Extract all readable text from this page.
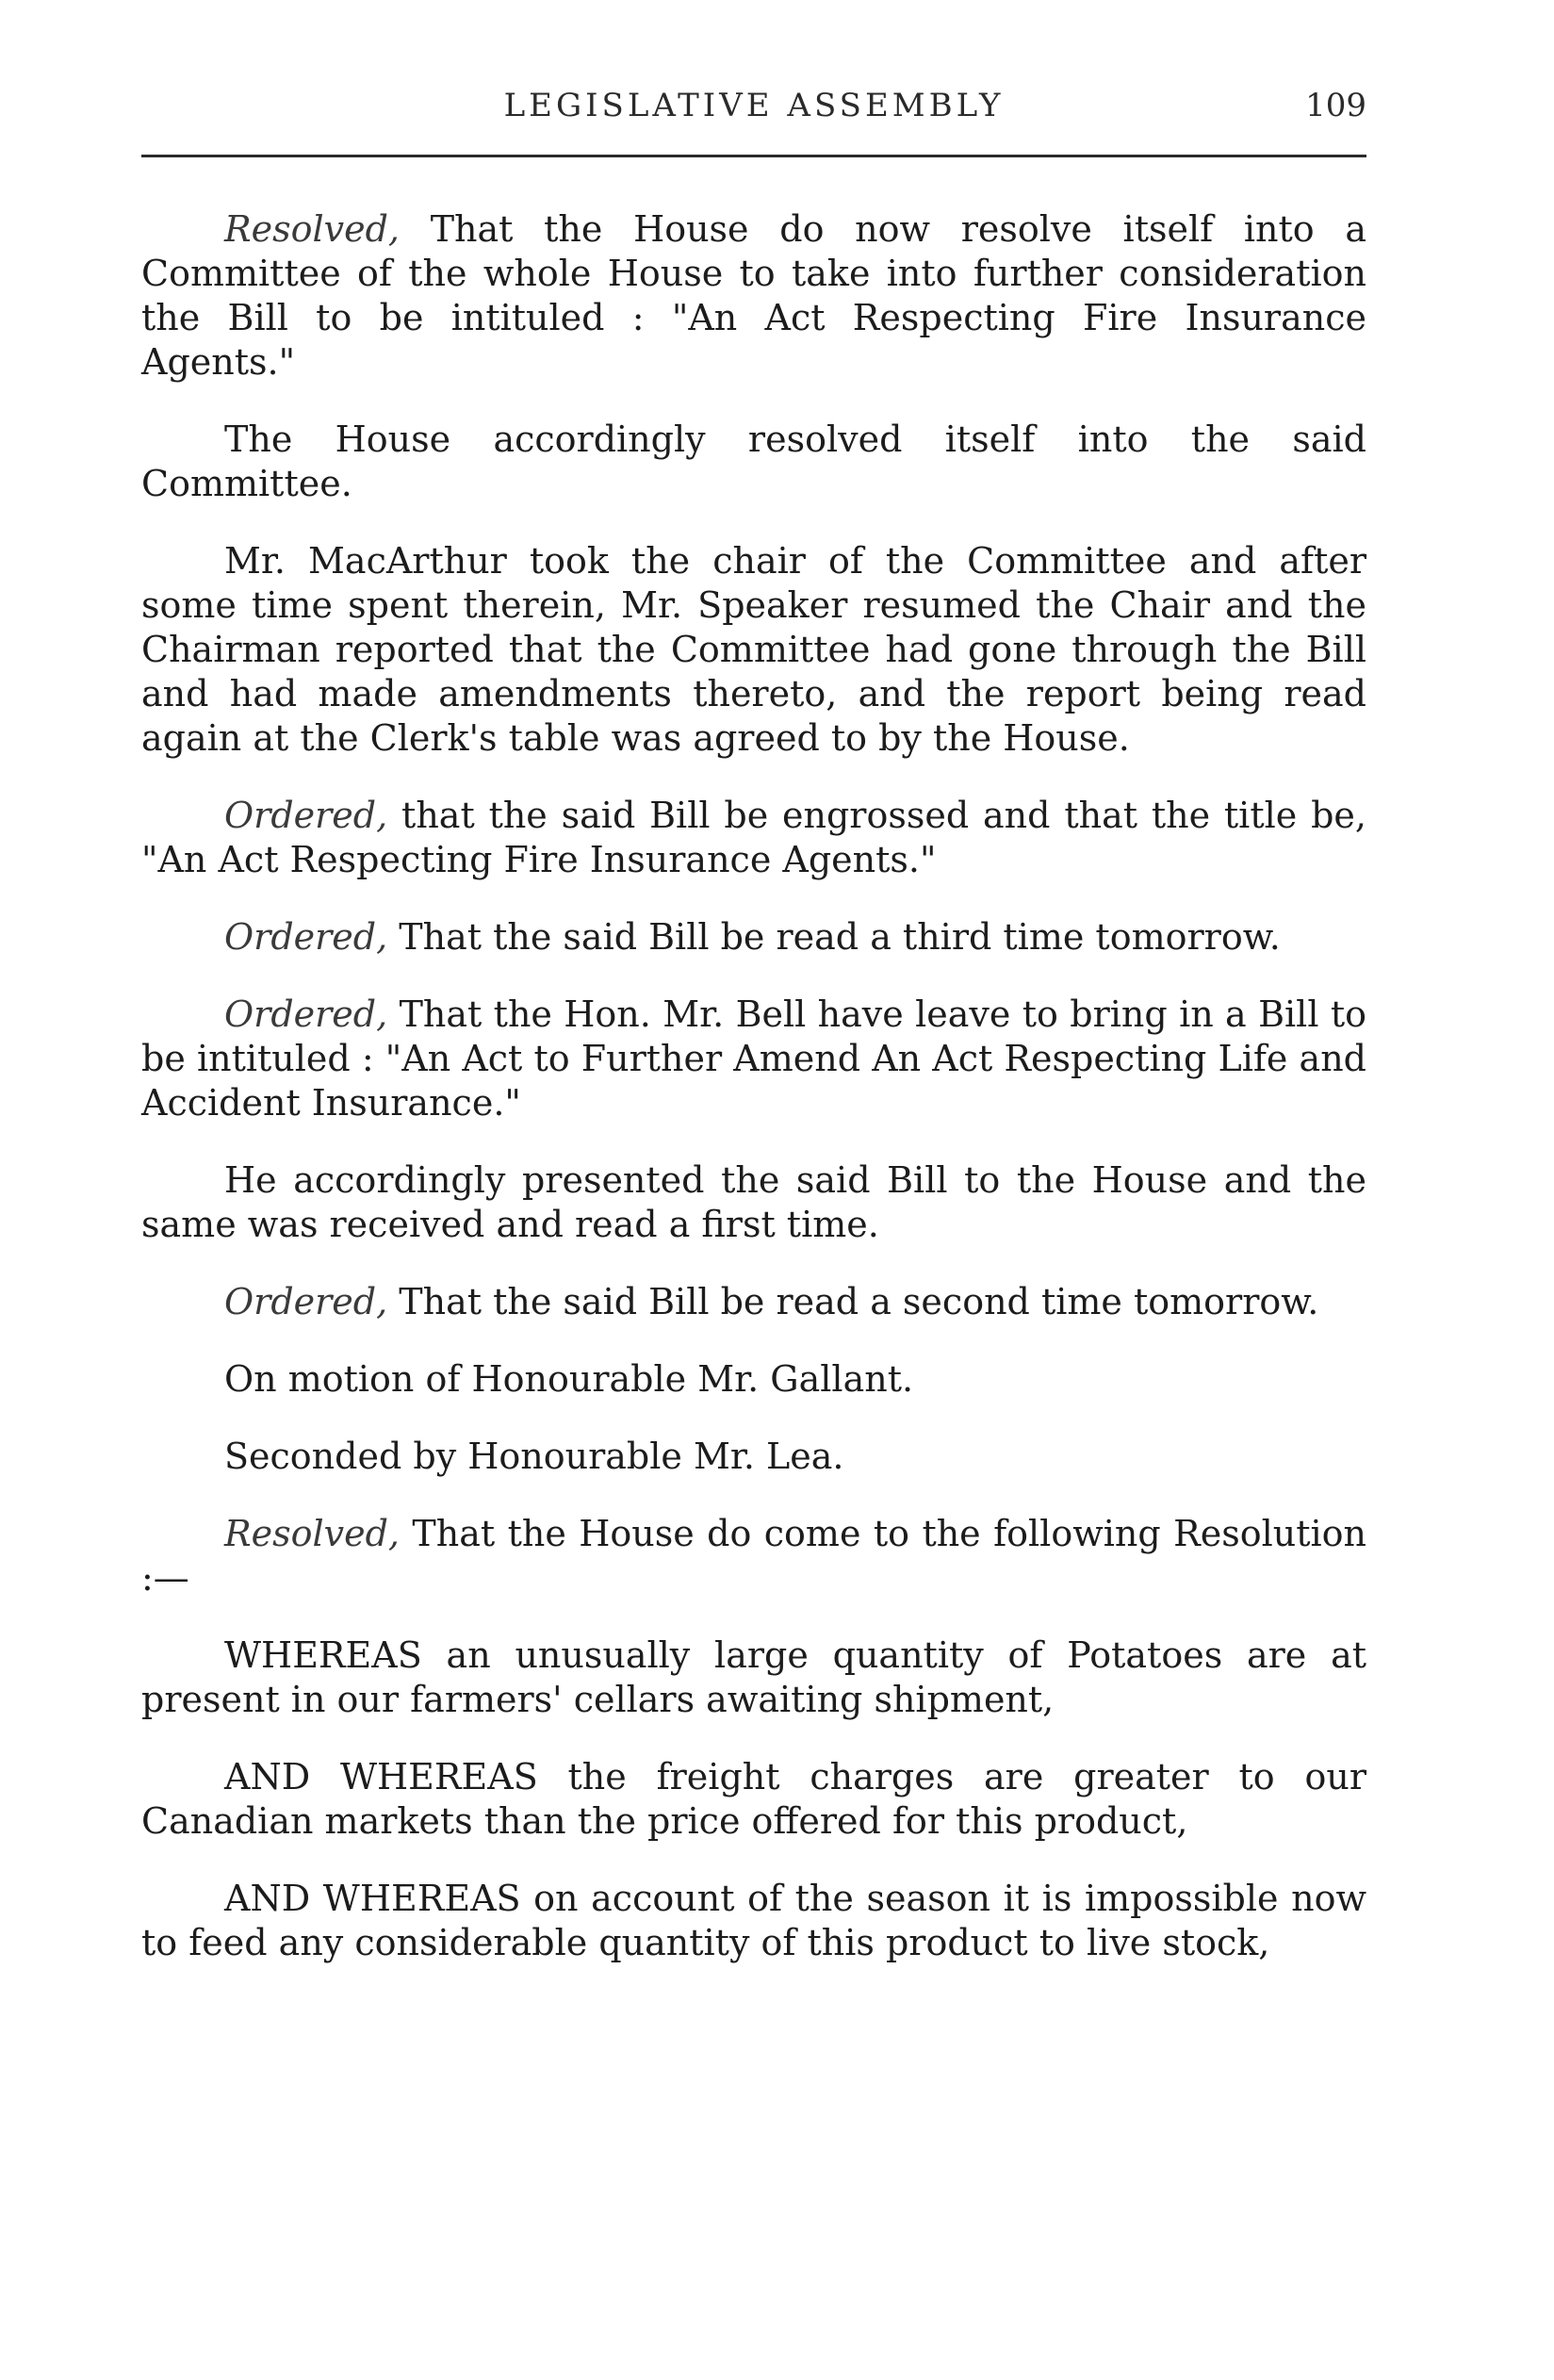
LEGISLATIVE ASSEMBLY	109

Resolved, That the House do now resolve itself into a Committee of the whole House to take into further consideration the Bill to be intituled : "An Act Respecting Fire Insurance Agents."

The House accordingly resolved itself into the said Committee.

Mr. MacArthur took the chair of the Committee and after some time spent therein, Mr. Speaker resumed the Chair and the Chairman reported that the Committee had gone through the Bill and had made amendments thereto, and the report being read again at the Clerk's table was agreed to by the House.

Ordered, that the said Bill be engrossed and that the title be, "An Act Respecting Fire Insurance Agents."

Ordered, That the said Bill be read a third time tomorrow.

Ordered, That the Hon. Mr. Bell have leave to bring in a Bill to be intituled : "An Act to Further Amend An Act Respecting Life and Accident Insurance."

He accordingly presented the said Bill to the House and the same was received and read a first time.

Ordered, That the said Bill be read a second time tomorrow.

On motion of Honourable Mr. Gallant.

Seconded by Honourable Mr. Lea.

Resolved, That the House do come to the following Resolution :—

WHEREAS an unusually large quantity of Potatoes are at present in our farmers' cellars awaiting shipment,

AND WHEREAS the freight charges are greater to our Canadian markets than the price offered for this product,

AND WHEREAS on account of the season it is impossible now to feed any considerable quantity of this product to live stock,
